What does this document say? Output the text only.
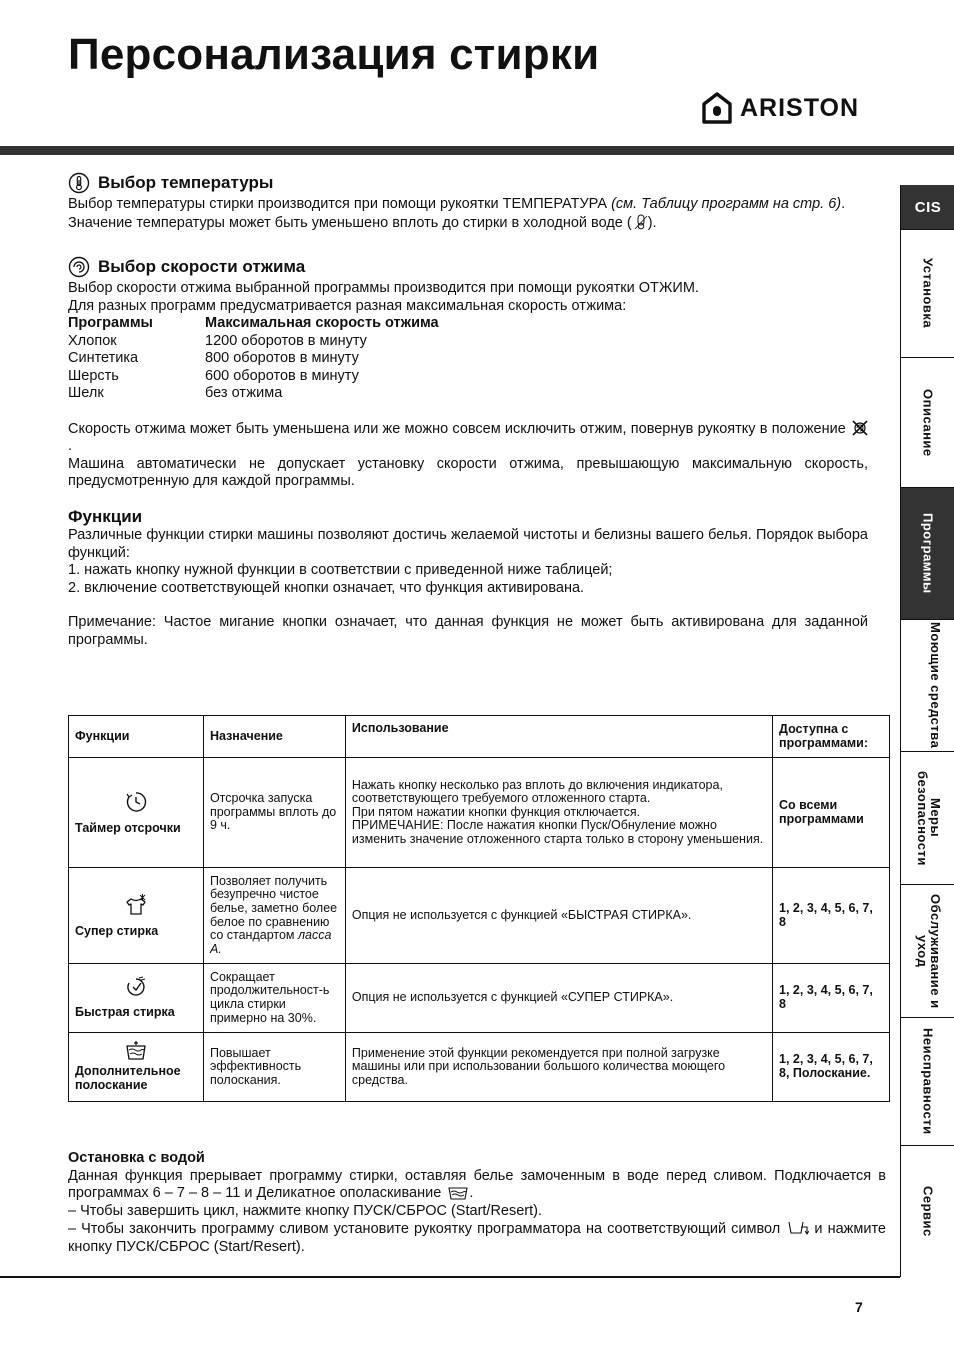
Персонализация стирки
ARISTON
Выбор температуры

Выбор температуры стирки производится при помощи рукоятки ТЕМПЕРАТУРА (см. Таблицу программ на стр. 6).

Значение температуры может быть уменьшено вплоть до стирки в холодной воде ( ).

Выбор скорости отжима

Выбор скорости отжима выбранной программы производится при помощи рукоятки ОТЖИМ.

Для разных программ предусматривается разная максимальная скорость отжима:

Программы	Максимальная скорость отжима
Хлопок	1200 оборотов в минуту
Синтетика	800 оборотов в минуту
Шерсть	600 оборотов в минуту
Шелк	без отжима

Скорость отжима может быть уменьшена или же можно совсем исключить отжим, повернув рукоятку в положение .

Машина автоматически не допускает установку скорости отжима, превышающую максимальную скорость, предусмотренную для каждой программы.

Функции

Различные функции стирки машины позволяют достичь желаемой чистоты и белизны вашего белья. Порядок выбора функций:

1. нажать кнопку нужной функции в соответствии с приведенной ниже таблицей;

2. включение соответствующей кнопки означает, что функция активирована.

Примечание: Частое мигание кнопки означает, что данная функция не может быть активирована для заданной программы.

Функции	Назначение	Использование	Доступна с программами:

Таймер отсрочки	Отсрочка запуска программы вплоть до 9 ч.	Нажать кнопку несколько раз вплоть до включения индикатора, соответствующего требуемого отложенного старта.
При пятом нажатии кнопки функция отключается.
ПРИМЕЧАНИЕ: После нажатия кнопки Пуск/Обнуление можно изменить значение отложенного старта только в сторону уменьшения.	Со всеми программами

Супер стирка	Позволяет получить безупречно чистое белье, заметно более белое по сравнению со стандартом ласса А.	Опция не используется с функцией «БЫСТРАЯ СТИРКА».	1, 2, 3, 4, 5, 6, 7, 8

Быстрая стирка	Сокращает продолжительност-ь цикла стирки примерно на 30%.	Опция не используется с функцией «СУПЕР СТИРКА».	1, 2, 3, 4, 5, 6, 7, 8

Дополнительное полоскание	Повышает эффективность полоскания.	Применение этой функции рекомендуется при полной загрузке машины или при использовании большого количества моющего средства.	1, 2, 3, 4, 5, 6, 7, 8, Полоскание.

Остановка с водой

Данная функция прерывает программу стирки, оставляя белье замоченным в воде перед сливом. Подключается в программах 6 – 7 – 8 – 11 и Деликатное ополаскивание .

– Чтобы завершить цикл, нажмите кнопку ПУСК/СБРОС (Start/Resert).

– Чтобы закончить программу сливом установите рукоятку программатора на соответствующий символ  и нажмите кнопку ПУСК/СБРОС (Start/Resert).

7
CIS
Установка
Описание
Программы
Моющие средства
Меры безопасности
Обслуживание и уход
Неисправности
Сервис
